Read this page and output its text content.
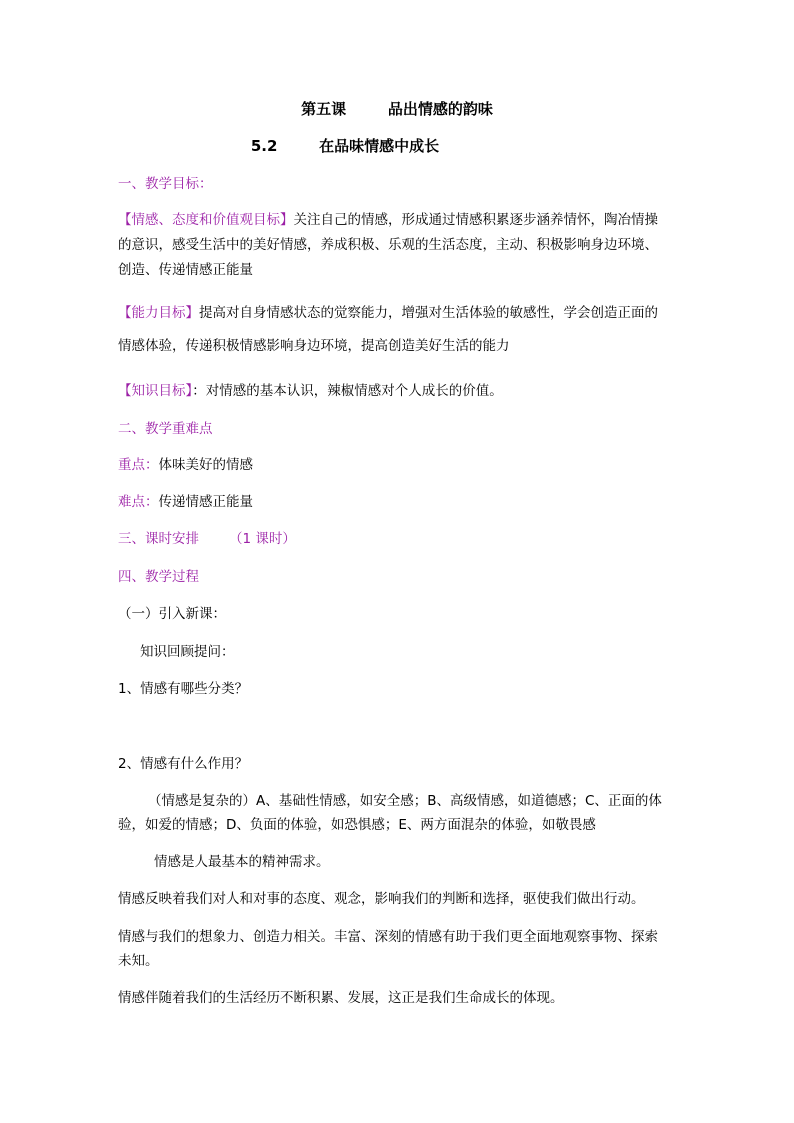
第五课        品出情感的韵味
5.2        在品味情感中成长
一、教学目标：
【情感、态度和价值观目标】关注自己的情感，形成通过情感积累逐步涵养情怀，陶冶情操
的意识，感受生活中的美好情感，养成积极、乐观的生活态度，主动、积极影响身边环境、
创造、传递情感正能量
【能力目标】提高对自身情感状态的觉察能力，增强对生活体验的敏感性，学会创造正面的
情感体验，传递积极情感影响身边环境，提高创造美好生活的能力
【知识目标】：对情感的基本认识，辣椒情感对个人成长的价值。
二、教学重难点
重点：体味美好的情感
难点：传递情感正能量
三、课时安排 （1 课时）
四、教学过程
（一）引入新课：
知识回顾提问：
1、情感有哪些分类？
2、情感有什么作用？
（情感是复杂的）A、基础性情感，如安全感；B、高级情感，如道德感；C、正面的体
验，如爱的情感；D、负面的体验，如恐惧感；E、两方面混杂的体验，如敬畏感
情感是人最基本的精神需求。
情感反映着我们对人和对事的态度、观念，影响我们的判断和选择，驱使我们做出行动。
情感与我们的想象力、创造力相关。丰富、深刻的情感有助于我们更全面地观察事物、探索
未知。
情感伴随着我们的生活经历不断积累、发展，这正是我们生命成长的体现。
